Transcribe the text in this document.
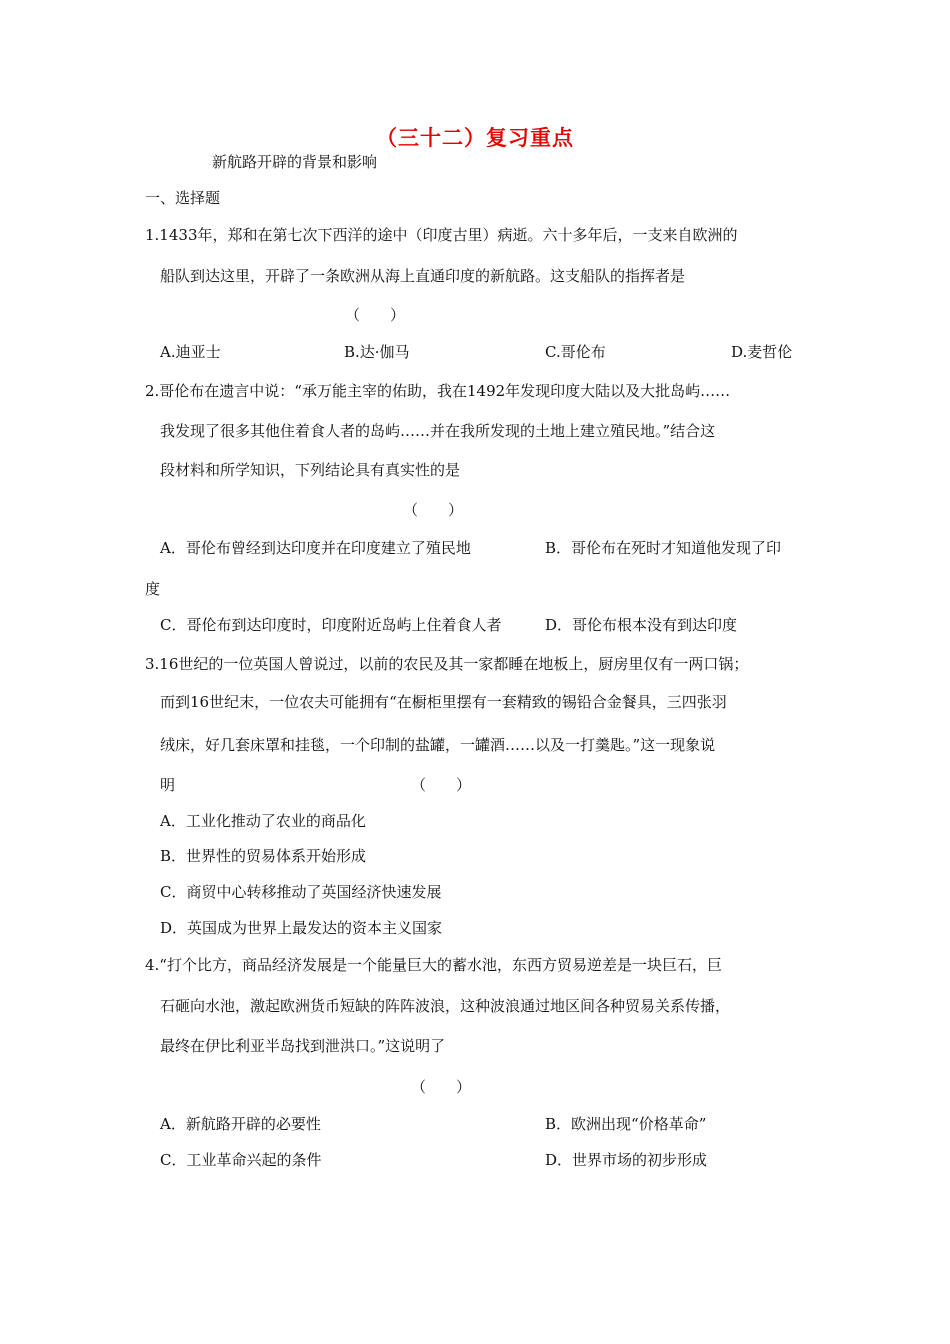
（三十二）复习重点
新航路开辟的背景和影响
一、选择题
1.1433年，郑和在第七次下西洋的途中（印度古里）病逝。六十多年后，一支来自欧洲的
船队到达这里，开辟了一条欧洲从海上直通印度的新航路。这支船队的指挥者是
（　　）
A.迪亚士	B.达·伽马	C.哥伦布	D.麦哲伦
2.哥伦布在遗言中说：“承万能主宰的佑助，我在1492年发现印度大陆以及大批岛屿……
我发现了很多其他住着食人者的岛屿……并在我所发现的土地上建立殖民地。”结合这
段材料和所学知识，下列结论具有真实性的是
（　　）
A．哥伦布曾经到达印度并在印度建立了殖民地	B．哥伦布在死时才知道他发现了印
度
C．哥伦布到达印度时，印度附近岛屿上住着食人者	D．哥伦布根本没有到达印度
3.16世纪的一位英国人曾说过，以前的农民及其一家都睡在地板上，厨房里仅有一两口锅；
而到16世纪末，一位农夫可能拥有“在橱柜里摆有一套精致的锡铅合金餐具，三四张羽
绒床，好几套床罩和挂毯，一个印制的盐罐，一罐酒……以及一打羹匙。”这一现象说
明	（　　）
A．工业化推动了农业的商品化
B．世界性的贸易体系开始形成
C．商贸中心转移推动了英国经济快速发展
D．英国成为世界上最发达的资本主义国家
4.“打个比方，商品经济发展是一个能量巨大的蓄水池，东西方贸易逆差是一块巨石，巨
石砸向水池，激起欧洲货币短缺的阵阵波浪，这种波浪通过地区间各种贸易关系传播，
最终在伊比利亚半岛找到泄洪口。”这说明了
（　　）
A．新航路开辟的必要性	B．欧洲出现“价格革命”
C．工业革命兴起的条件	D．世界市场的初步形成
